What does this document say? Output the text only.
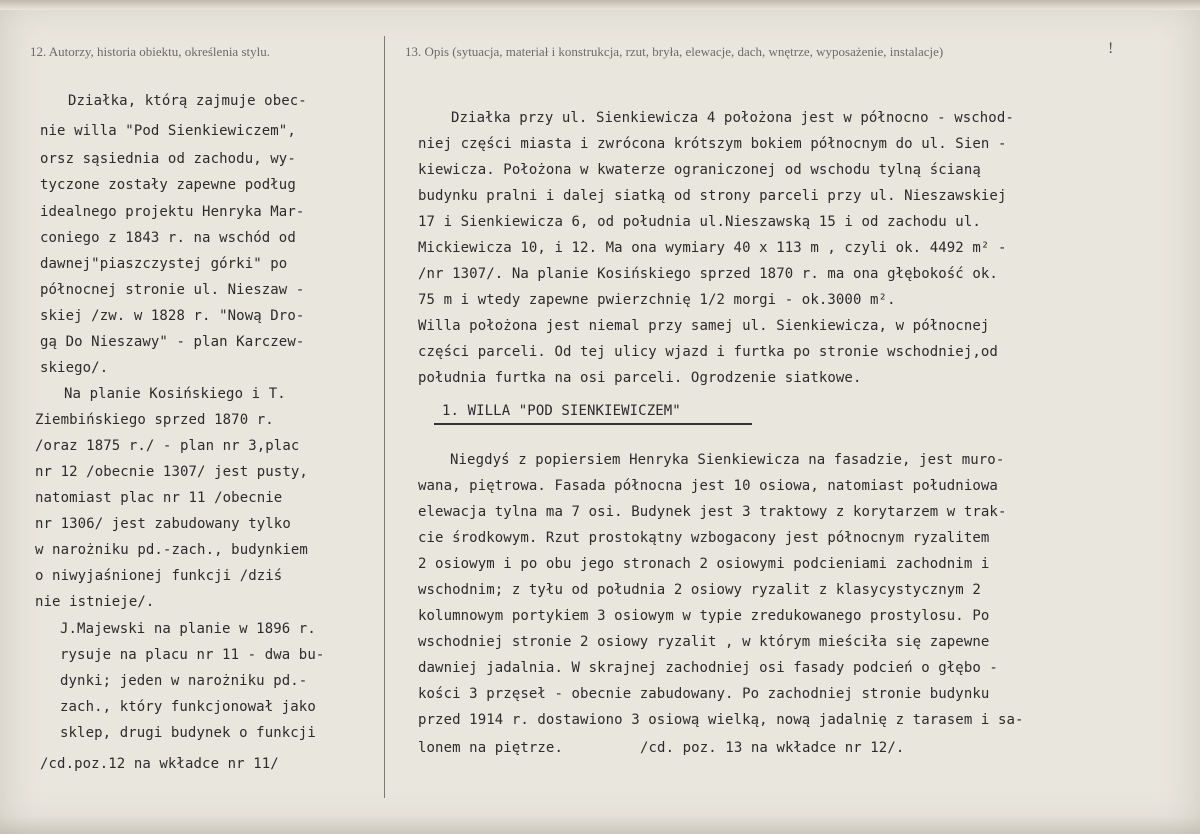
12. Autorzy, historia obiektu, określenia stylu.	13. Opis (sytuacja, materiał i konstrukcja, rzut, bryła, elewacje, dach, wnętrze, wyposażenie, instalacje)	!
Działka, którą zajmuje obec-
nie willa "Pod Sienkiewiczem",
orsz sąsiednia od zachodu, wy-
tyczone zostały zapewne podług
idealnego projektu Henryka Mar-
coniego z 1843 r. na wschód od
dawnej"piaszczystej górki" po
północnej stronie ul. Nieszaw -
skiej /zw. w 1828 r. "Nową Dro-
gą Do Nieszawy" - plan Karczew-
skiego/.
Na planie Kosińskiego i T.
Ziembińskiego sprzed 1870 r.
/oraz 1875 r./ - plan nr 3,plac
nr 12 /obecnie 1307/ jest pusty,
natomiast plac nr 11 /obecnie
nr 1306/ jest zabudowany tylko
w narożniku pd.-zach., budynkiem
o niwyjaśnionej funkcji /dziś
nie istnieje/.
J.Majewski na planie w 1896 r.
rysuje na placu nr 11 - dwa bu-
dynki; jeden w narożniku pd.-
zach., który funkcjonował jako
sklep, drugi budynek o funkcji
/cd.poz.12 na wkładce nr 11/
Działka przy ul. Sienkiewicza 4 położona jest w północno - wschod-
niej części miasta i zwrócona krótszym bokiem północnym do ul. Sien -
kiewicza. Położona w kwaterze ograniczonej od wschodu tylną ścianą
budynku pralni i dalej siatką od strony parceli przy ul. Nieszawskiej
17 i Sienkiewicza 6, od południa ul.Nieszawską 15 i od zachodu ul.
Mickiewicza 10, i 12. Ma ona wymiary 40 x 113 m , czyli ok. 4492 m² -
/nr 1307/. Na planie Kosińskiego sprzed 1870 r. ma ona głębokość ok.
75 m i wtedy zapewne pwierzchnię 1/2 morgi - ok.3000 m².
Willa położona jest niemal przy samej ul. Sienkiewicza, w północnej
części parceli. Od tej ulicy wjazd i furtka po stronie wschodniej,od
południa furtka na osi parceli. Ogrodzenie siatkowe.
1. WILLA "POD SIENKIEWICZEM"
Niegdyś z popiersiem Henryka Sienkiewicza na fasadzie, jest muro-
wana, piętrowa. Fasada północna jest 10 osiowa, natomiast południowa
elewacja tylna ma 7 osi. Budynek jest 3 traktowy z korytarzem w trak-
cie środkowym. Rzut prostokątny wzbogacony jest północnym ryzalitem
2 osiowym i po obu jego stronach 2 osiowymi podcieniami zachodnim i
wschodnim; z tyłu od południa 2 osiowy ryzalit z klasycystycznym 2
kolumnowym portykiem 3 osiowym w typie zredukowanego prostylosu. Po
wschodniej stronie 2 osiowy ryzalit , w którym mieściła się zapewne
dawniej jadalnia. W skrajnej zachodniej osi fasady podcień o głębo -
kości 3 przęseł - obecnie zabudowany. Po zachodniej stronie budynku
przed 1914 r. dostawiono 3 osiową wielką, nową jadalnię z tarasem i sa-
lonem na piętrze.	/cd. poz. 13 na wkładce nr 12/.
